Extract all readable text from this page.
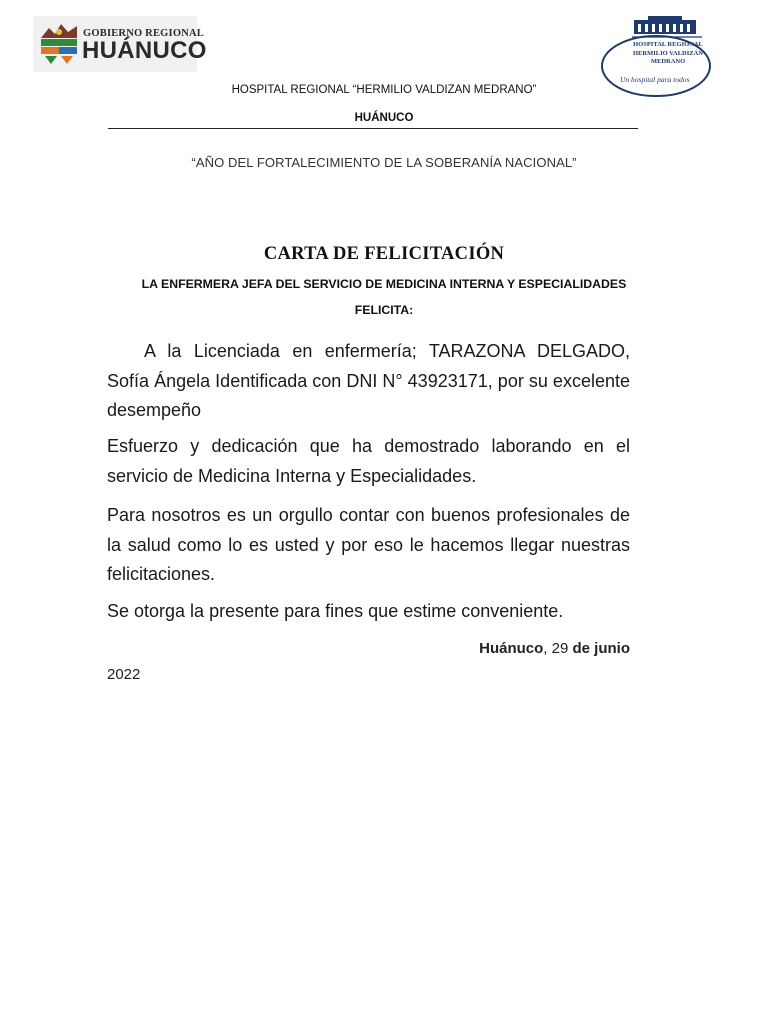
GOBIERNO REGIONAL
HUÁNUCO	HOSPITAL REGIONAL
HERMILIO VALDIZÁN
MEDRANO
Un hospital para todos
HOSPITAL REGIONAL “HERMILIO VALDIZAN MEDRANO”
HUÁNUCO
“AÑO DEL FORTALECIMIENTO DE LA SOBERANÍA NACIONAL”
CARTA DE FELICITACIÓN
LA ENFERMERA JEFA DEL SERVICIO DE MEDICINA INTERNA Y ESPECIALIDADES
FELICITA:
A la Licenciada en enfermería; TARAZONA DELGADO, Sofía Ángela Identificada con DNI N° 43923171, por su excelente desempeño
Esfuerzo y dedicación que ha demostrado laborando en el servicio de Medicina Interna y Especialidades.
Para nosotros es un orgullo contar con buenos profesionales de la salud como lo es usted y por eso le hacemos llegar nuestras felicitaciones.
Se otorga la presente para fines que estime conveniente.
Huánuco, 29 de junio
2022
